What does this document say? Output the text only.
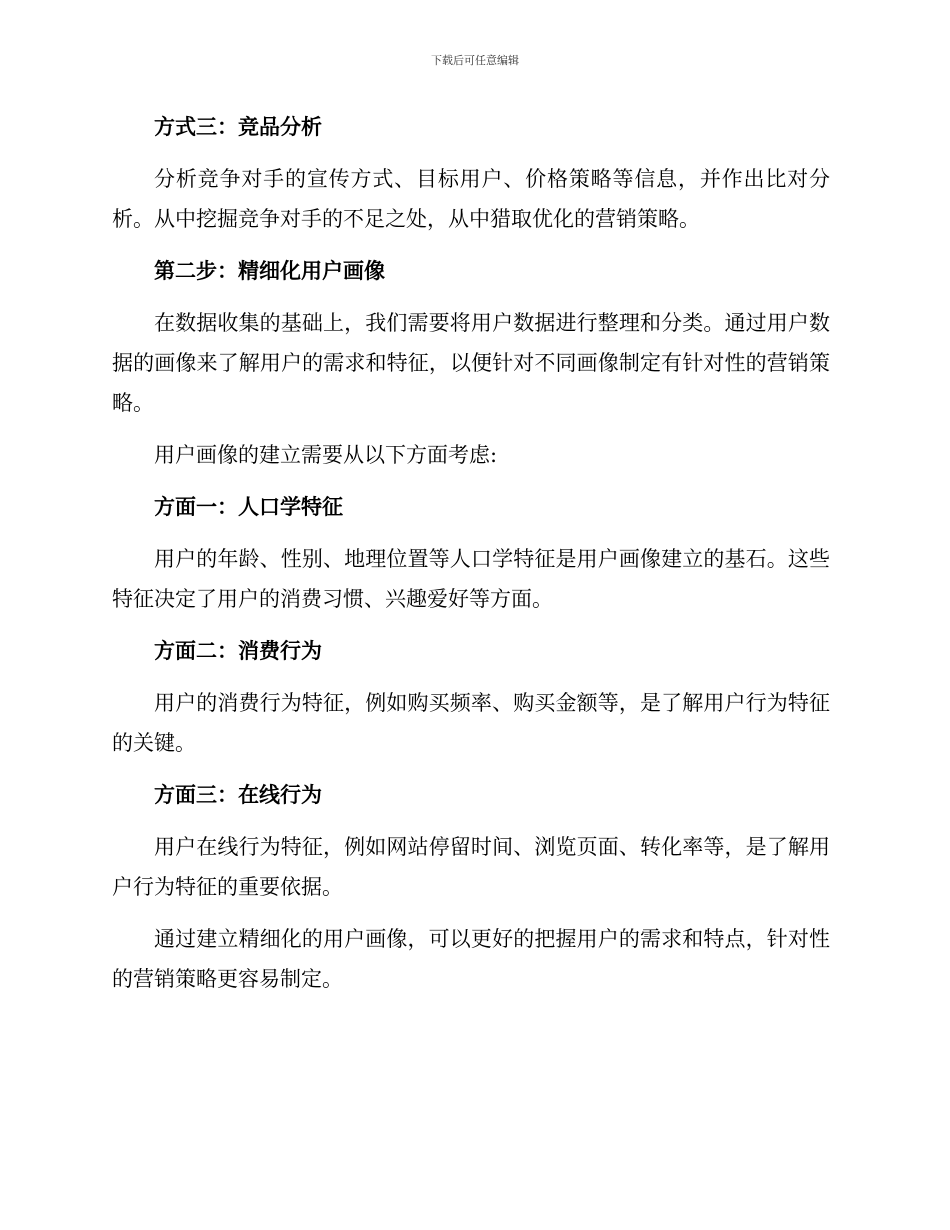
下载后可任意编辑

方式三：竞品分析

分析竞争对手的宣传方式、目标用户、价格策略等信息，并作出比对分析。从中挖掘竞争对手的不足之处，从中猎取优化的营销策略。

第二步：精细化用户画像

在数据收集的基础上，我们需要将用户数据进行整理和分类。通过用户数据的画像来了解用户的需求和特征，以便针对不同画像制定有针对性的营销策略。

用户画像的建立需要从以下方面考虑:

方面一：人口学特征

用户的年龄、性别、地理位置等人口学特征是用户画像建立的基石。这些特征决定了用户的消费习惯、兴趣爱好等方面。

方面二：消费行为

用户的消费行为特征，例如购买频率、购买金额等，是了解用户行为特征的关键。

方面三：在线行为

用户在线行为特征，例如网站停留时间、浏览页面、转化率等，是了解用户行为特征的重要依据。

通过建立精细化的用户画像，可以更好的把握用户的需求和特点，针对性的营销策略更容易制定。
